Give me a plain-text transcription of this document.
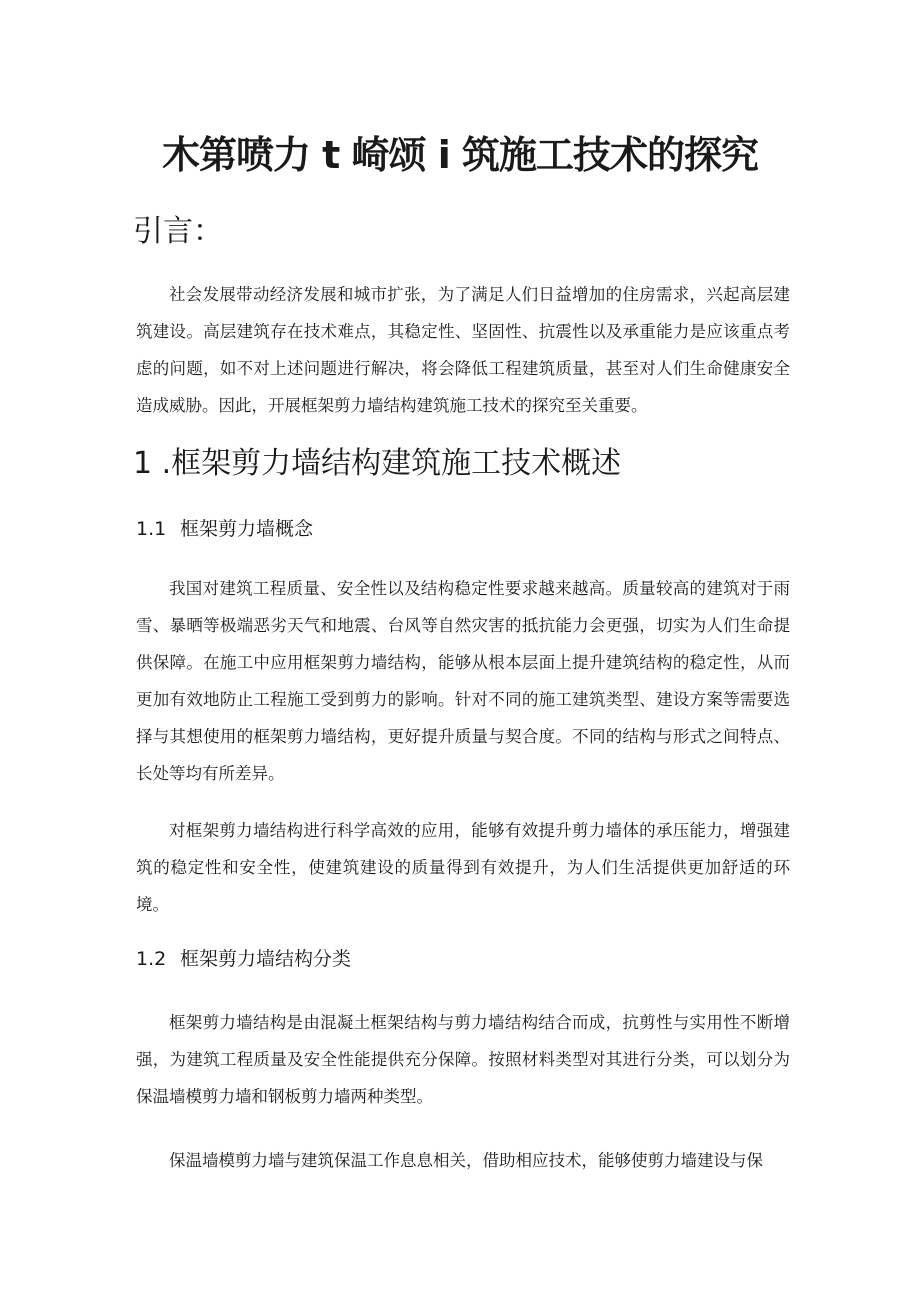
木第喷力 t 崎颂 i 筑施工技术的探究
引言：

社会发展带动经济发展和城市扩张，为了满足人们日益增加的住房需求，兴起高层建筑建设。高层建筑存在技术难点，其稳定性、坚固性、抗震性以及承重能力是应该重点考虑的问题，如不对上述问题进行解决，将会降低工程建筑质量，甚至对人们生命健康安全造成威胁。因此，开展框架剪力墙结构建筑施工技术的探究至关重要。

1 .框架剪力墙结构建筑施工技术概述
1.1 框架剪力墙概念

我国对建筑工程质量、安全性以及结构稳定性要求越来越高。质量较高的建筑对于雨雪、暴晒等极端恶劣天气和地震、台风等自然灾害的抵抗能力会更强，切实为人们生命提供保障。在施工中应用框架剪力墙结构，能够从根本层面上提升建筑结构的稳定性，从而更加有效地防止工程施工受到剪力的影响。针对不同的施工建筑类型、建设方案等需要选择与其想使用的框架剪力墙结构，更好提升质量与契合度。不同的结构与形式之间特点、长处等均有所差异。

对框架剪力墙结构进行科学高效的应用，能够有效提升剪力墙体的承压能力，增强建筑的稳定性和安全性，使建筑建设的质量得到有效提升，为人们生活提供更加舒适的环境。

1.2 框架剪力墙结构分类

框架剪力墙结构是由混凝土框架结构与剪力墙结构结合而成，抗剪性与实用性不断增强，为建筑工程质量及安全性能提供充分保障。按照材料类型对其进行分类，可以划分为保温墙模剪力墙和钢板剪力墙两种类型。

保温墙模剪力墙与建筑保温工作息息相关，借助相应技术，能够使剪力墙建设与保
